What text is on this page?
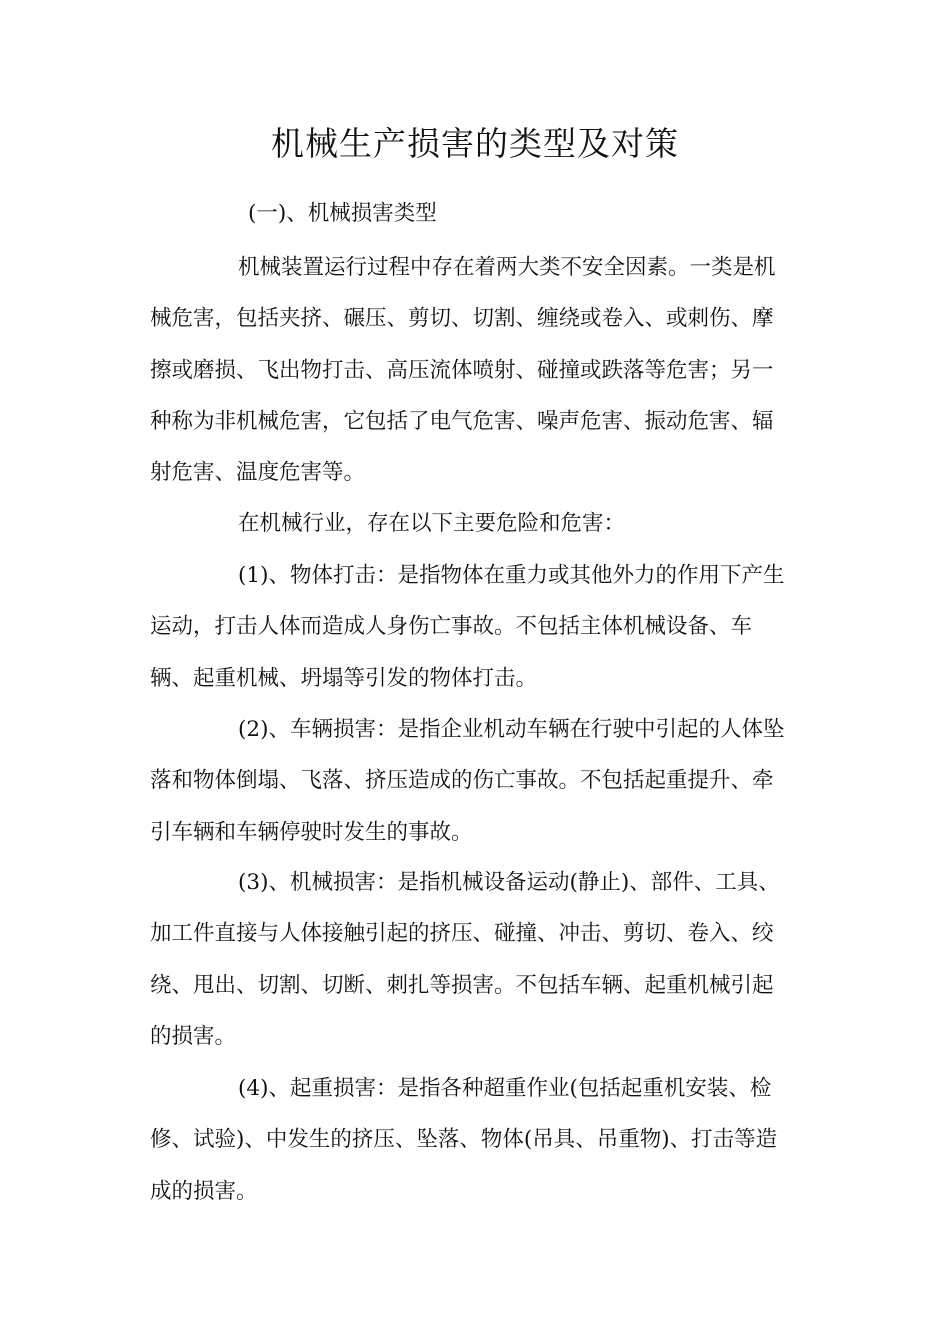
机械生产损害的类型及对策

(一)、机械损害类型

机械装置运行过程中存在着两大类不安全因素。一类是机
械危害，包括夹挤、碾压、剪切、切割、缠绕或卷入、或刺伤、摩
擦或磨损、飞出物打击、高压流体喷射、碰撞或跌落等危害；另一
种称为非机械危害，它包括了电气危害、噪声危害、振动危害、辐
射危害、温度危害等。

在机械行业，存在以下主要危险和危害：

(1)、物体打击：是指物体在重力或其他外力的作用下产生
运动，打击人体而造成人身伤亡事故。不包括主体机械设备、车
辆、起重机械、坍塌等引发的物体打击。

(2)、车辆损害：是指企业机动车辆在行驶中引起的人体坠
落和物体倒塌、飞落、挤压造成的伤亡事故。不包括起重提升、牵
引车辆和车辆停驶时发生的事故。

(3)、机械损害：是指机械设备运动(静止)、部件、工具、
加工件直接与人体接触引起的挤压、碰撞、冲击、剪切、卷入、绞
绕、甩出、切割、切断、刺扎等损害。不包括车辆、起重机械引起
的损害。

(4)、起重损害：是指各种超重作业(包括起重机安装、检
修、试验)、中发生的挤压、坠落、物体(吊具、吊重物)、打击等造
成的损害。
